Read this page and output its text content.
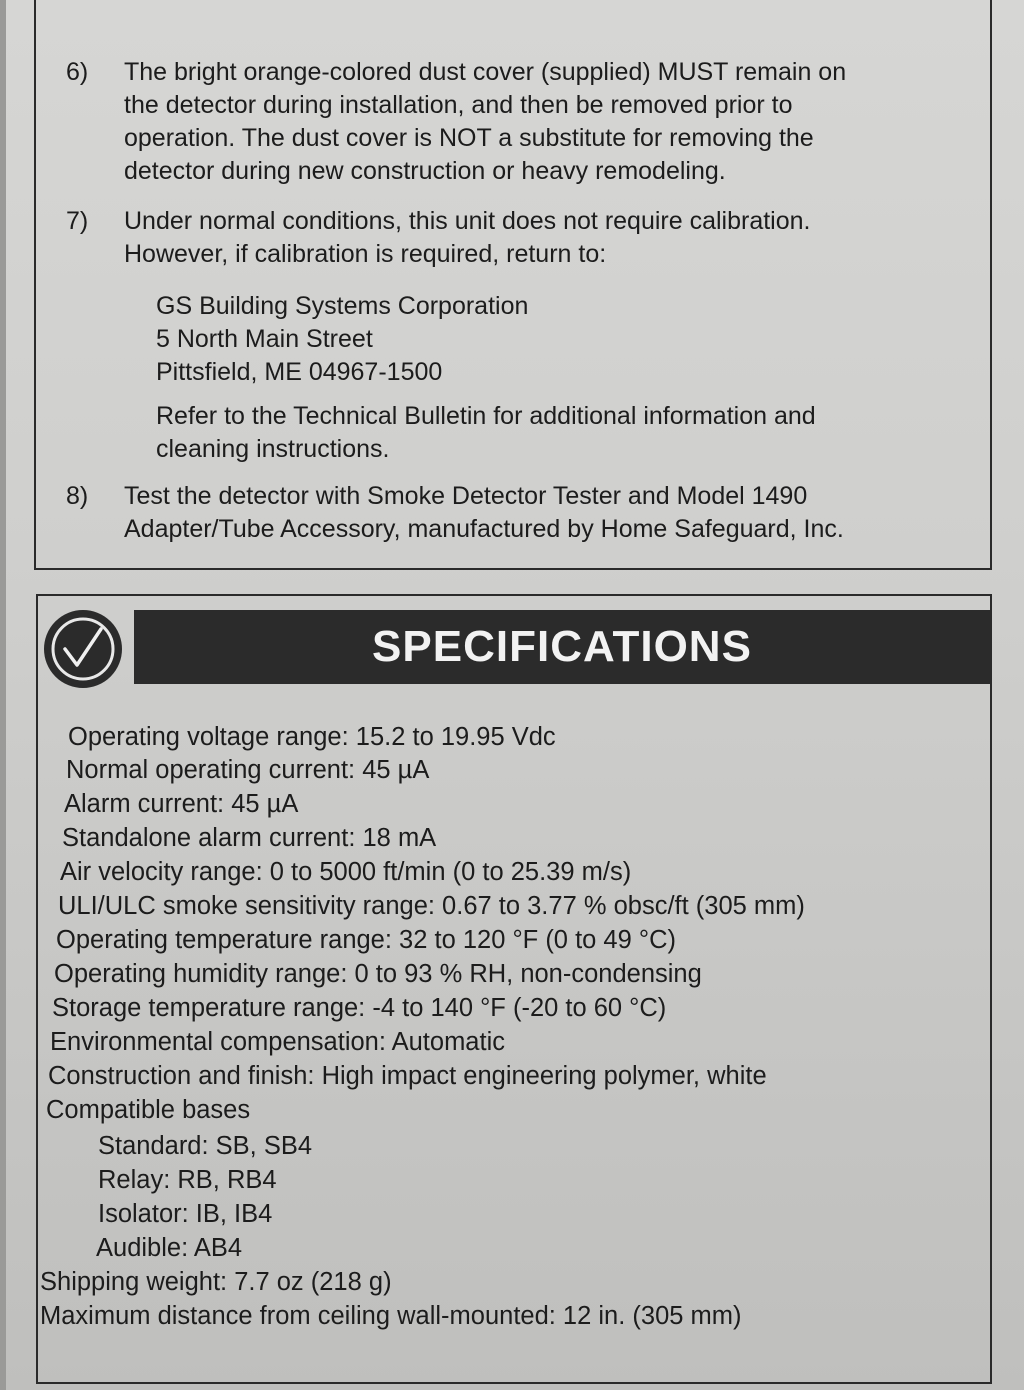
6)	The bright orange-colored dust cover (supplied) MUST remain on
the detector during installation, and then be removed prior to
operation. The dust cover is NOT a substitute for removing the
detector during new construction or heavy remodeling.
7)	Under normal conditions, this unit does not require calibration.
However, if calibration is required, return to:
GS Building Systems Corporation
5 North Main Street
Pittsfield, ME 04967-1500
Refer to the Technical Bulletin for additional information and
cleaning instructions.
8)	Test the detector with Smoke Detector Tester and Model 1490
Adapter/Tube Accessory, manufactured by Home Safeguard, Inc.
SPECIFICATIONS
Operating voltage range: 15.2 to 19.95 Vdc
Normal operating current: 45 µA
Alarm current: 45 µA
Standalone alarm current: 18 mA
Air velocity range: 0 to 5000 ft/min (0 to 25.39 m/s)
ULI/ULC smoke sensitivity range: 0.67 to 3.77 % obsc/ft (305 mm)
Operating temperature range: 32 to 120 °F (0 to 49 °C)
Operating humidity range: 0 to 93 % RH, non-condensing
Storage temperature range: -4 to 140 °F (-20 to 60 °C)
Environmental compensation: Automatic
Construction and finish: High impact engineering polymer, white
Compatible bases
Standard: SB, SB4
Relay: RB, RB4
Isolator: IB, IB4
Audible: AB4
Shipping weight: 7.7 oz (218 g)
Maximum distance from ceiling wall-mounted: 12 in. (305 mm)
